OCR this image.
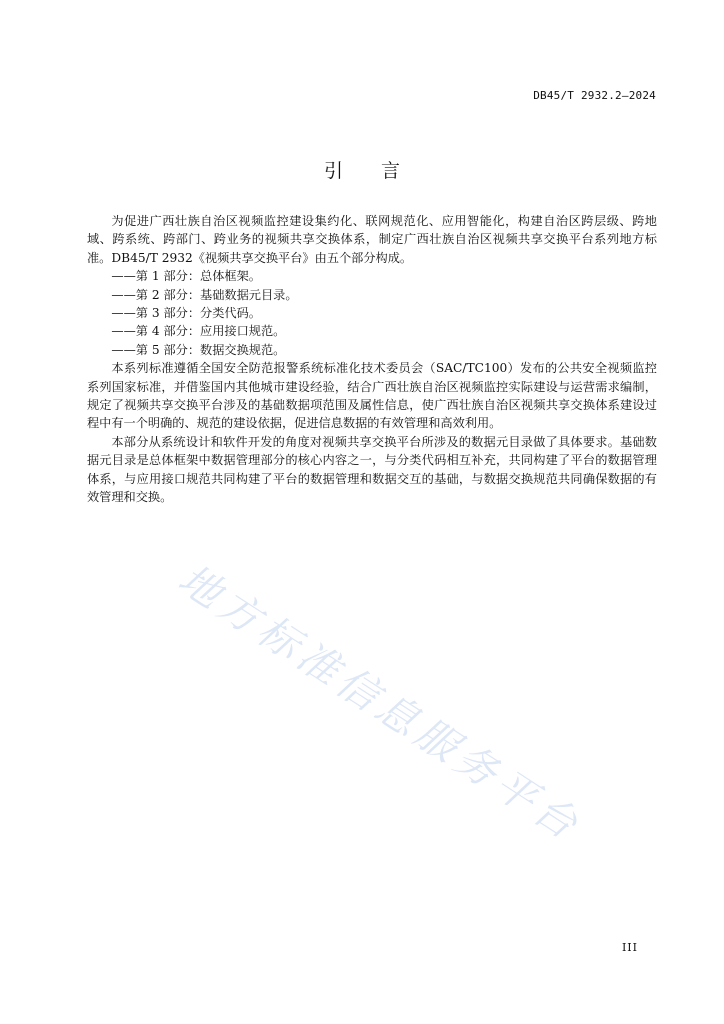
DB45/T 2932.2—2024
引言

为促进广西壮族自治区视频监控建设集约化、联网规范化、应用智能化，构建自治区跨层级、跨地域、跨系统、跨部门、跨业务的视频共享交换体系，制定广西壮族自治区视频共享交换平台系列地方标准。DB45/T 2932《视频共享交换平台》由五个部分构成。

——第 1 部分：总体框架。

——第 2 部分：基础数据元目录。

——第 3 部分：分类代码。

——第 4 部分：应用接口规范。

——第 5 部分：数据交换规范。

本系列标准遵循全国安全防范报警系统标准化技术委员会（SAC/TC100）发布的公共安全视频监控系列国家标准，并借鉴国内其他城市建设经验，结合广西壮族自治区视频监控实际建设与运营需求编制，规定了视频共享交换平台涉及的基础数据项范围及属性信息，使广西壮族自治区视频共享交换体系建设过程中有一个明确的、规范的建设依据，促进信息数据的有效管理和高效利用。

本部分从系统设计和软件开发的角度对视频共享交换平台所涉及的数据元目录做了具体要求。基础数据元目录是总体框架中数据管理部分的核心内容之一，与分类代码相互补充，共同构建了平台的数据管理体系，与应用接口规范共同构建了平台的数据管理和数据交互的基础，与数据交换规范共同确保数据的有效管理和交换。

地方标准信息服务平台
III
